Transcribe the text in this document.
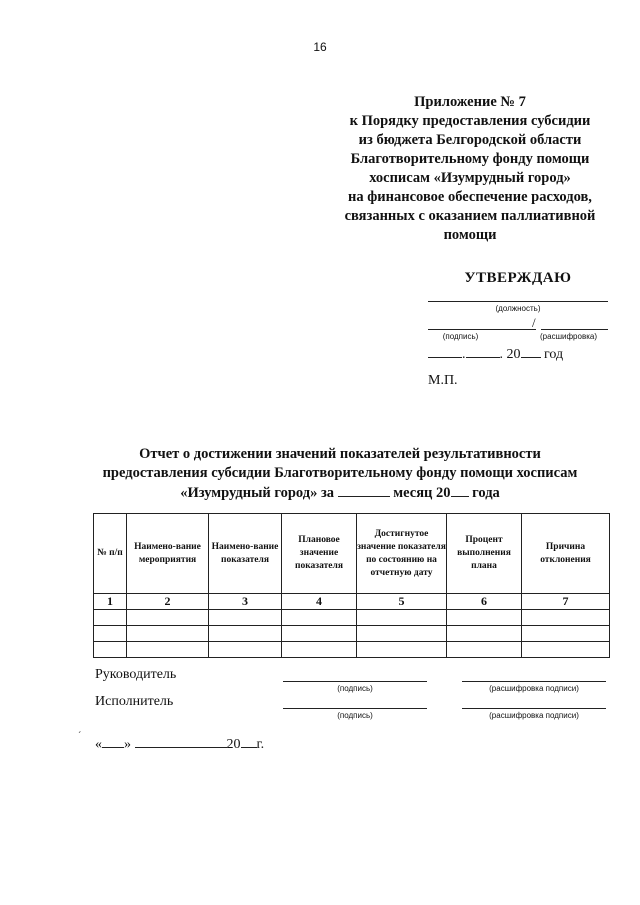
16
Приложение № 7
к Порядку предоставления субсидии
из бюджета Белгородской области
Благотворительному фонду помощи
хосписам «Изумрудный город»
на финансовое обеспечение расходов,
связанных с оказанием паллиативной
помощи
УТВЕРЖДАЮ
(должность)
/
(подпись)	(расшифровка)
. . 20 год
М.П.
Отчет о достижении значений показателей результативности
предоставления субсидии Благотворительному фонду помощи хосписам
«Изумрудный город» за	месяц 20 года
№ п/п	Наимено-вание мероприятия	Наимено-вание показателя	Плановое значение показателя	Достигнутое значение показателя по состоянию на отчетную дату	Процент выполнения плана	Причина отклонения
1	2	3	4	5	6	7

Руководитель
(подпись)	(расшифровка подписи)
Исполнитель
(подпись)	(расшифровка подписи)
´
« »	20 г.
